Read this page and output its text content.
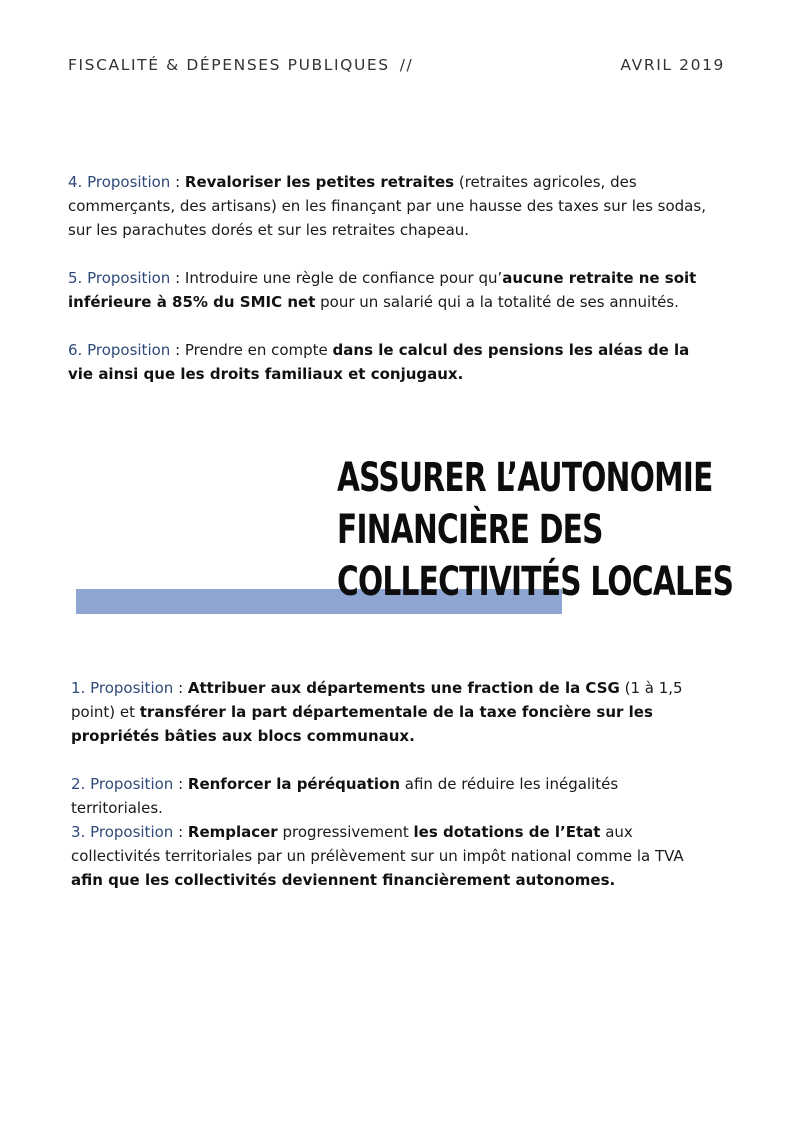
FISCALITÉ & DÉPENSES PUBLIQUES //	AVRIL 2019
4. Proposition : Revaloriser les petites retraites (retraites agricoles, des commerçants, des artisans) en les finançant par une hausse des taxes sur les sodas, sur les parachutes dorés et sur les retraites chapeau.
5. Proposition : Introduire une règle de confiance pour qu’aucune retraite ne soit inférieure à 85% du SMIC net pour un salarié qui a la totalité de ses annuités.
6. Proposition : Prendre en compte dans le calcul des pensions les aléas de la vie ainsi que les droits familiaux et conjugaux.
ASSURER L’AUTONOMIE
FINANCIÈRE DES
COLLECTIVITÉS LOCALES
1. Proposition : Attribuer aux départements une fraction de la CSG (1 à 1,5 point) et transférer la part départementale de la taxe foncière sur les propriétés bâties aux blocs communaux.
2. Proposition : Renforcer la péréquation afin de réduire les inégalités territoriales.
3. Proposition : Remplacer progressivement les dotations de l’Etat aux collectivités territoriales par un prélèvement sur un impôt national comme la TVA afin que les collectivités deviennent financièrement autonomes.
